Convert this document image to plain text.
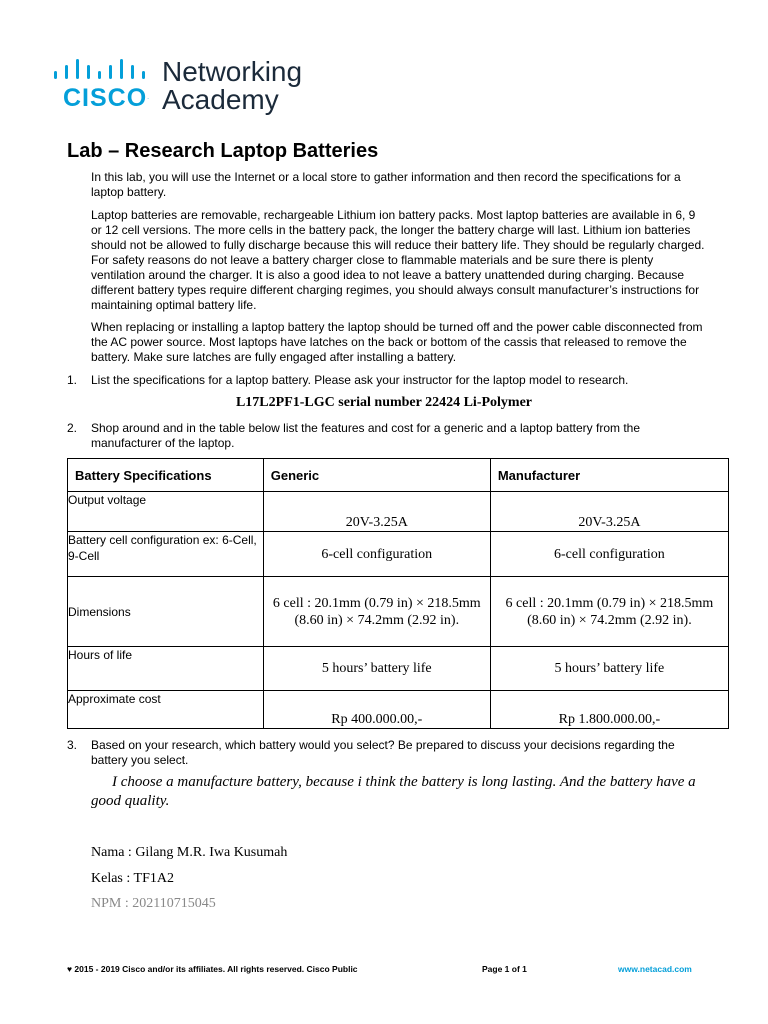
CISCO.
Networking
Academy
Lab – Research Laptop Batteries

In this lab, you will use the Internet or a local store to gather information and then record the specifications for a laptop battery.

Laptop batteries are removable, rechargeable Lithium ion battery packs. Most laptop batteries are available in 6, 9 or 12 cell versions. The more cells in the battery pack, the longer the battery charge will last. Lithium ion batteries should not be allowed to fully discharge because this will reduce their battery life. They should be regularly charged. For safety reasons do not leave a battery charger close to flammable materials and be sure there is plenty ventilation around the charger. It is also a good idea to not leave a battery unattended during charging. Because different battery types require different charging regimes, you should always consult manufacturer’s instructions for maintaining optimal battery life.

When replacing or installing a laptop battery the laptop should be turned off and the power cable disconnected from the AC power source. Most laptops have latches on the back or bottom of the cassis that released to remove the battery. Make sure latches are fully engaged after installing a battery.

1. List the specifications for a laptop battery. Please ask your instructor for the laptop model to research.
L17L2PF1-LGC serial number 22424 Li-Polymer
2. Shop around and in the table below list the features and cost for a generic and a laptop battery from the manufacturer of the laptop.
Battery Specifications	Generic	Manufacturer
Output voltage	20V-3.25A	20V-3.25A
Battery cell configuration ex: 6-Cell, 9-Cell	6-cell configuration	6-cell configuration
Dimensions	6 cell : 20.1mm (0.79 in) × 218.5mm (8.60 in) × 74.2mm (2.92 in).	6 cell : 20.1mm (0.79 in) × 218.5mm (8.60 in) × 74.2mm (2.92 in).
Hours of life	5 hours’ battery life	5 hours’ battery life
Approximate cost	Rp 400.000.00,-	Rp 1.800.000.00,-
3. Based on your research, which battery would you select? Be prepared to discuss your decisions regarding the battery you select.
I choose a manufacture battery, because i think the battery is long lasting. And the battery have a good quality.
Nama : Gilang M.R. Iwa Kusumah
Kelas : TF1A2
NPM : 202110715045
♥ 2015 - 2019 Cisco and/or its affiliates. All rights reserved. Cisco Public	Page 1 of 1	www.netacad.com
